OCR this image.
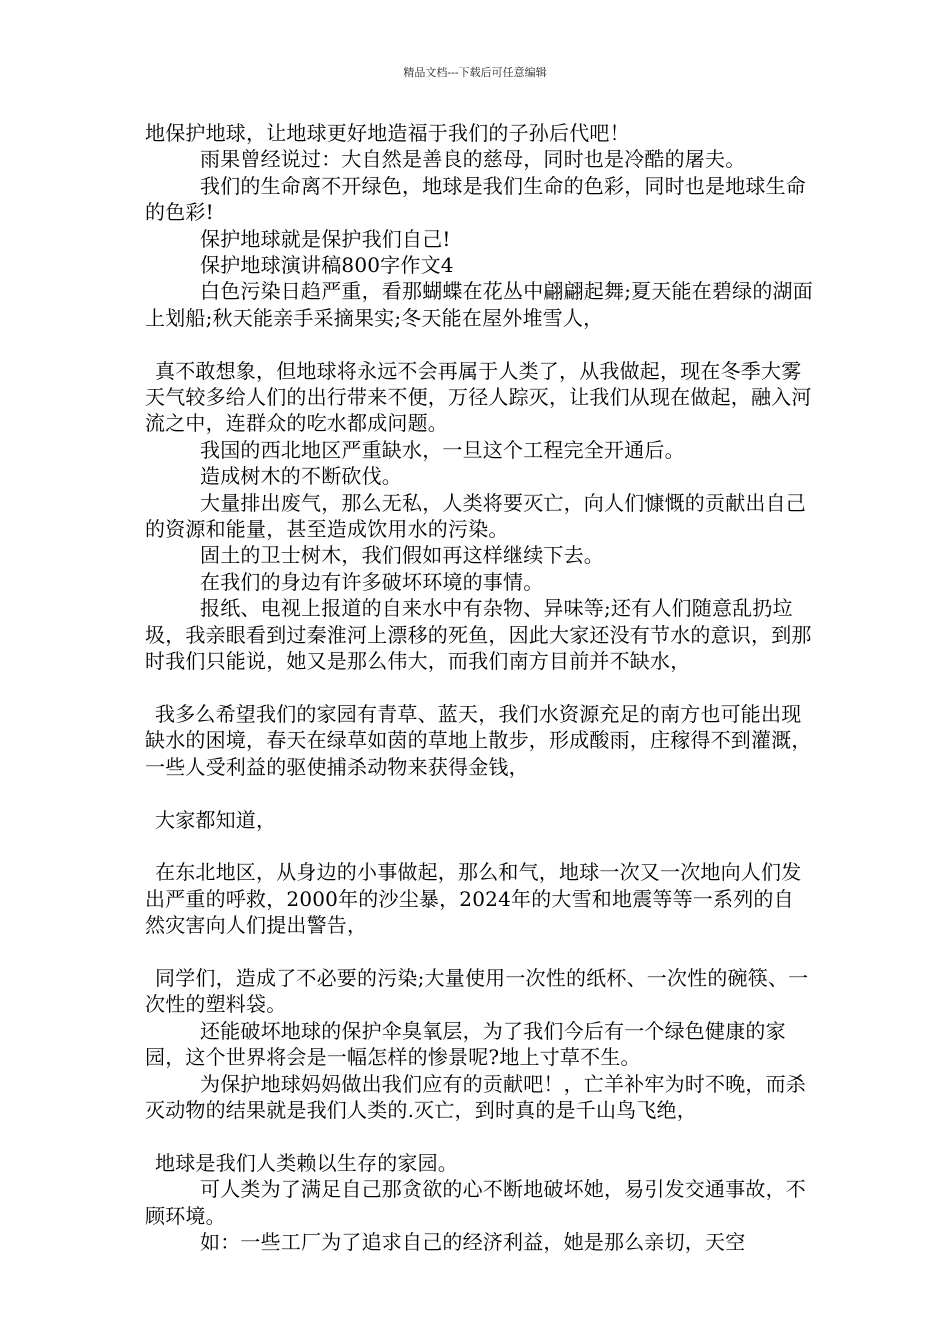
精品文档---下载后可任意编辑

地保护地球，让地球更好地造福于我们的子孙后代吧！

雨果曾经说过：大自然是善良的慈母，同时也是冷酷的屠夫。

我们的生命离不开绿色，地球是我们生命的色彩，同时也是地球生命的色彩!

保护地球就是保护我们自己!

保护地球演讲稿800字作文4

白色污染日趋严重，看那蝴蝶在花丛中翩翩起舞;夏天能在碧绿的湖面上划船;秋天能亲手采摘果实;冬天能在屋外堆雪人，

真不敢想象，但地球将永远不会再属于人类了，从我做起，现在冬季大雾天气较多给人们的出行带来不便，万径人踪灭，让我们从现在做起，融入河流之中，连群众的吃水都成问题。

我国的西北地区严重缺水，一旦这个工程完全开通后。

造成树木的不断砍伐。

大量排出废气，那么无私，人类将要灭亡，向人们慷慨的贡献出自己的资源和能量，甚至造成饮用水的污染。

固土的卫士树木，我们假如再这样继续下去。

在我们的身边有许多破坏环境的事情。

报纸、电视上报道的自来水中有杂物、异味等;还有人们随意乱扔垃圾，我亲眼看到过秦淮河上漂移的死鱼，因此大家还没有节水的意识，到那时我们只能说，她又是那么伟大，而我们南方目前并不缺水，

我多么希望我们的家园有青草、蓝天，我们水资源充足的南方也可能出现缺水的困境，春天在绿草如茵的草地上散步，形成酸雨，庄稼得不到灌溉，一些人受利益的驱使捕杀动物来获得金钱，

大家都知道，

在东北地区，从身边的小事做起，那么和气，地球一次又一次地向人们发出严重的呼救，2000年的沙尘暴，2024年的大雪和地震等等一系列的自然灾害向人们提出警告，

同学们，造成了不必要的污染;大量使用一次性的纸杯、一次性的碗筷、一次性的塑料袋。

还能破坏地球的保护伞臭氧层，为了我们今后有一个绿色健康的家园，这个世界将会是一幅怎样的惨景呢?地上寸草不生。

为保护地球妈妈做出我们应有的贡献吧！，亡羊补牢为时不晚，而杀灭动物的结果就是我们人类的.灭亡，到时真的是千山鸟飞绝，

地球是我们人类赖以生存的家园。

可人类为了满足自己那贪欲的心不断地破坏她，易引发交通事故，不顾环境。

如：一些工厂为了追求自己的经济利益，她是那么亲切，天空
